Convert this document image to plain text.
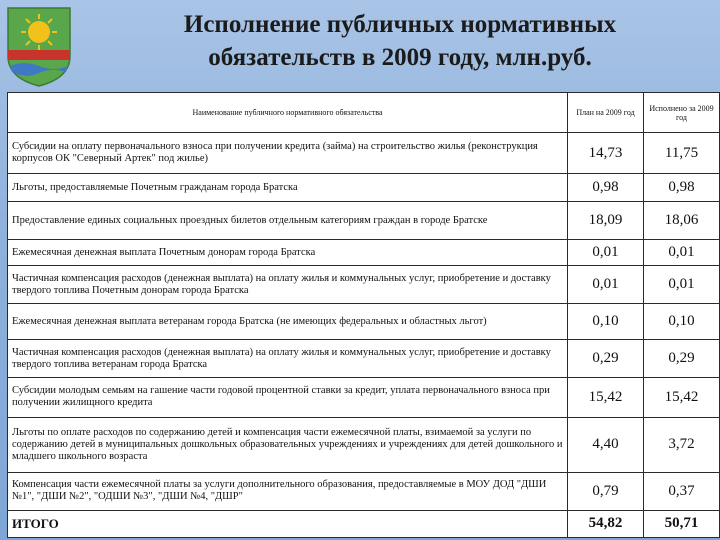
Исполнение публичных нормативных
обязательств в 2009 году, млн.руб.
Наименование публичного нормативного обязательства	План на 2009 год	Исполнено за 2009 год
Субсидии на оплату первоначального взноса при получении кредита (займа) на строительство жилья (реконструкция корпусов ОК "Северный Артек" под жилье)	14,73	11,75
Льготы, предоставляемые Почетным гражданам города Братска	0,98	0,98
Предоставление единых социальных проездных билетов отдельным категориям граждан в городе Братске	18,09	18,06
Ежемесячная денежная выплата Почетным донорам города Братска	0,01	0,01
Частичная компенсация расходов (денежная выплата) на оплату жилья и коммунальных услуг, приобретение и доставку твердого топлива Почетным донорам города Братска	0,01	0,01
Ежемесячная денежная выплата ветеранам города Братска (не имеющих федеральных и областных льгот)	0,10	0,10
Частичная компенсация расходов (денежная выплата) на оплату жилья и коммунальных услуг, приобретение и доставку твердого топлива ветеранам города Братска	0,29	0,29
Субсидии молодым семьям на гашение части годовой процентной ставки за кредит, уплата первоначального взноса при получении жилищного кредита	15,42	15,42
Льготы по оплате расходов по содержанию детей и компенсация части ежемесячной платы, взимаемой за услуги по содержанию детей в муниципальных дошкольных образовательных учреждениях и учреждениях для детей дошкольного и младшего школьного возраста	4,40	3,72
Компенсация части ежемесячной платы за услуги дополнительного образования, предоставляемые в МОУ ДОД "ДШИ №1", "ДШИ №2", "ОДШИ №3", "ДШИ №4, "ДШР"	0,79	0,37
ИТОГО	54,82	50,71
